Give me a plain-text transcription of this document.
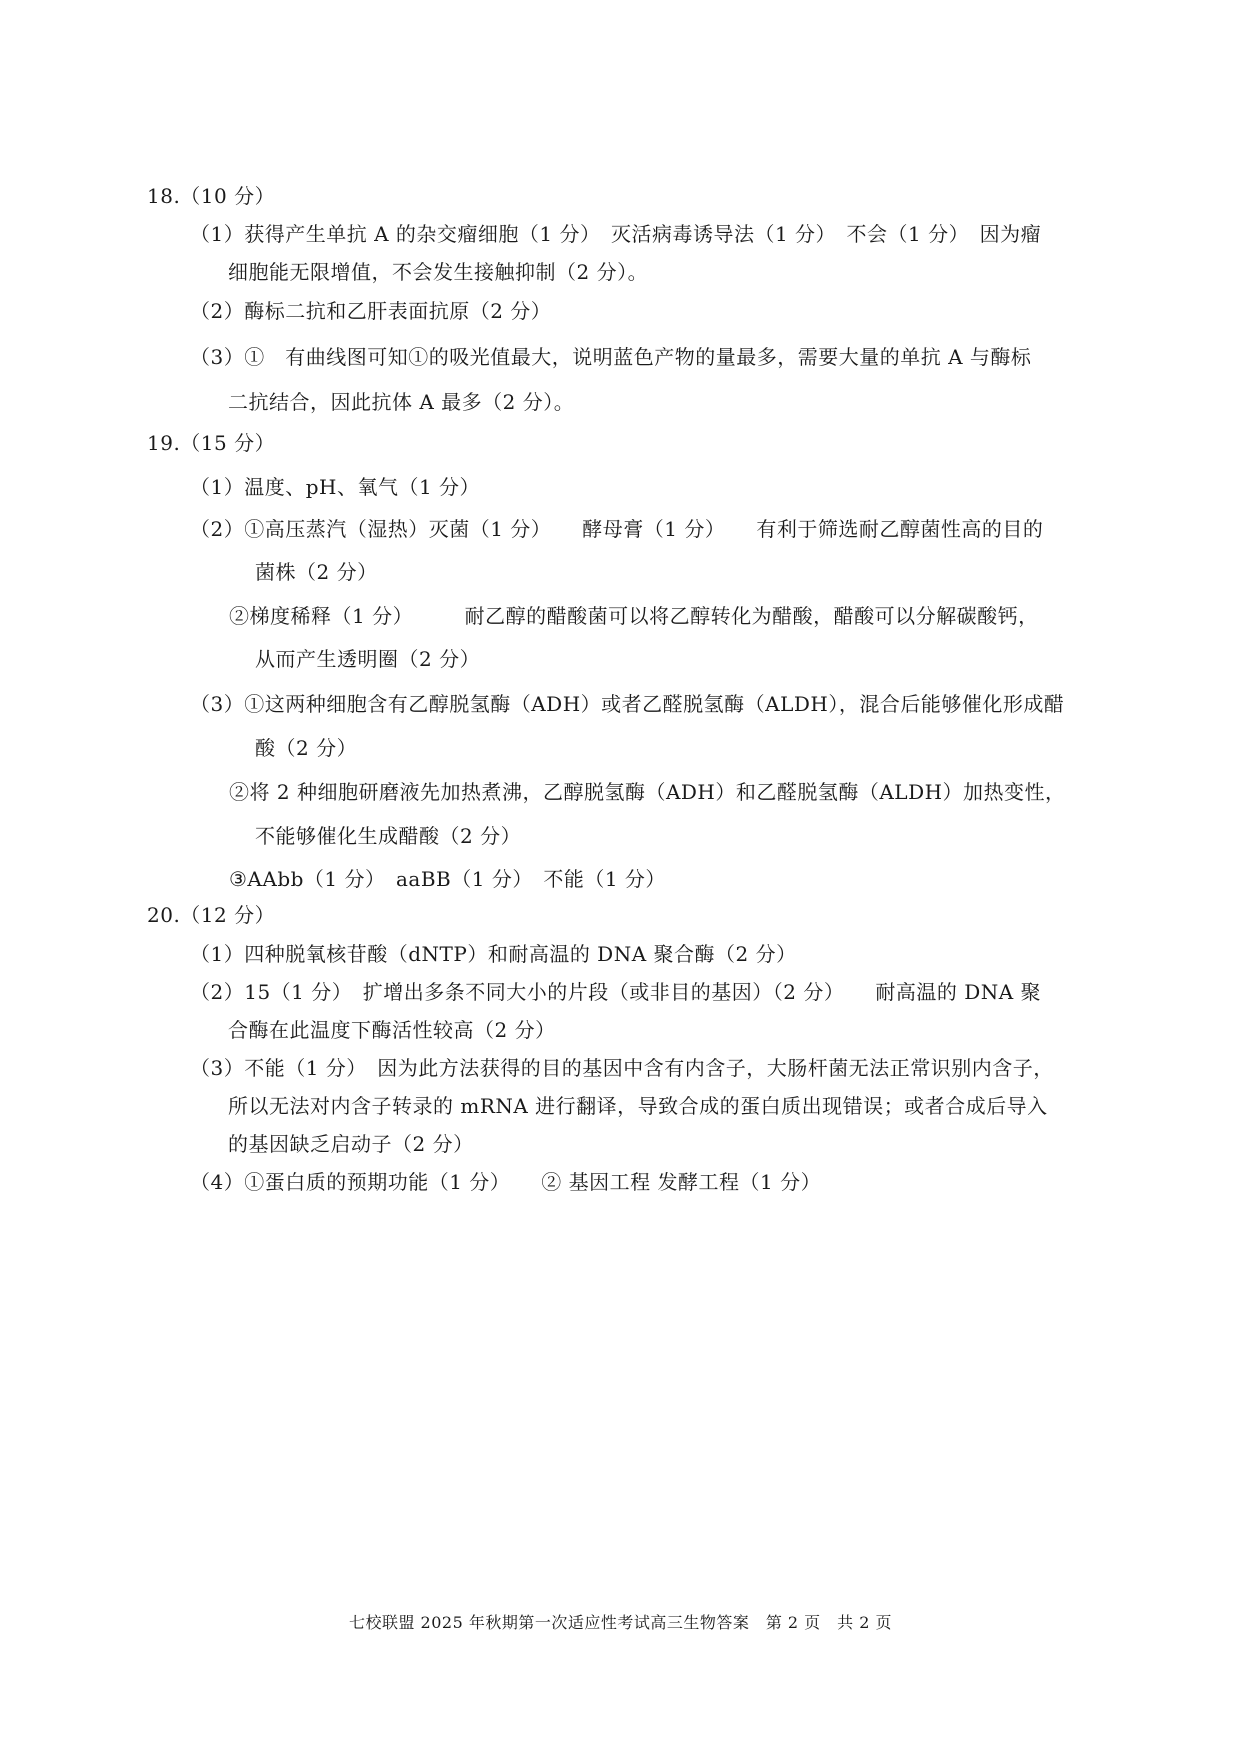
18.（10 分）
（1）获得产生单抗 A 的杂交瘤细胞（1 分）　灭活病毒诱导法（1 分）　不会（1 分）　因为瘤
细胞能无限增值，不会发生接触抑制（2 分）。
（2）酶标二抗和乙肝表面抗原（2 分）
（3）①　有曲线图可知①的吸光值最大，说明蓝色产物的量最多，需要大量的单抗 A 与酶标
二抗结合，因此抗体 A 最多（2 分）。
19.（15 分）
（1）温度、pH、氧气（1 分）
（2）①高压蒸汽（湿热）灭菌（1 分）　　酵母膏（1 分）　　有利于筛选耐乙醇菌性高的目的
菌株（2 分）
②梯度稀释（1 分）　　　耐乙醇的醋酸菌可以将乙醇转化为醋酸，醋酸可以分解碳酸钙，
从而产生透明圈（2 分）
（3）①这两种细胞含有乙醇脱氢酶（ADH）或者乙醛脱氢酶（ALDH），混合后能够催化形成醋
酸（2 分）
②将 2 种细胞研磨液先加热煮沸，乙醇脱氢酶（ADH）和乙醛脱氢酶（ALDH）加热变性，
不能够催化生成醋酸（2 分）
③AAbb（1 分）　aaBB（1 分）　不能（1 分）
20.（12 分）
（1）四种脱氧核苷酸（dNTP）和耐高温的 DNA 聚合酶（2 分）
（2）15（1 分）　扩增出多条不同大小的片段（或非目的基因）（2 分）　　耐高温的 DNA 聚
合酶在此温度下酶活性较高（2 分）
（3）不能（1 分）　因为此方法获得的目的基因中含有内含子，大肠杆菌无法正常识别内含子，
所以无法对内含子转录的 mRNA 进行翻译，导致合成的蛋白质出现错误；或者合成后导入
的基因缺乏启动子（2 分）
（4）①蛋白质的预期功能（1 分）　　② 基因工程 发酵工程（1 分）
七校联盟 2025 年秋期第一次适应性考试高三生物答案　第 2 页　共 2 页
